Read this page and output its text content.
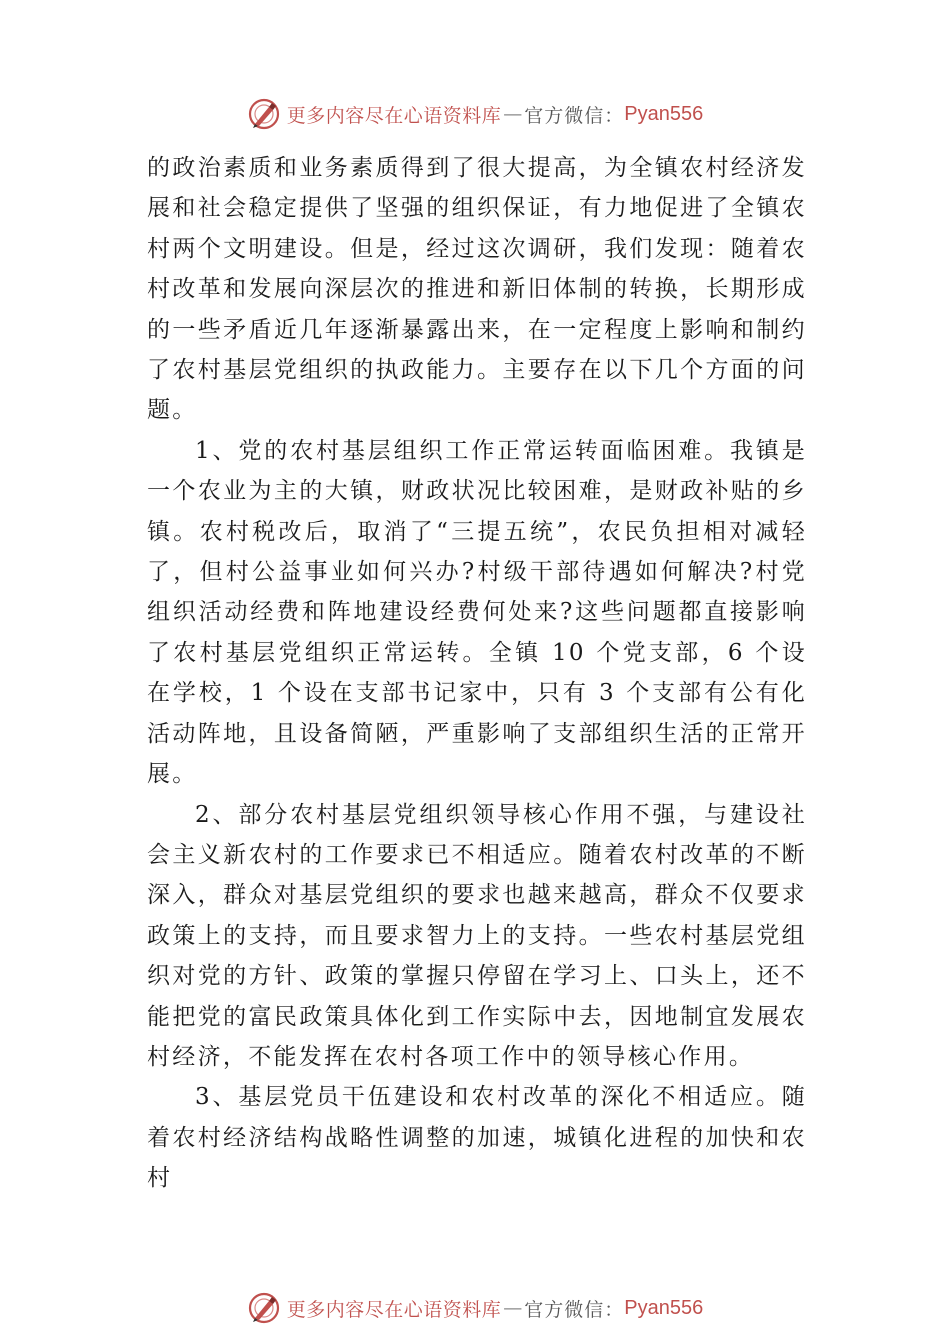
更多内容尽在心语资料库 — 官方微信： Pyan556

的政治素质和业务素质得到了很大提高，为全镇农村经济发展和社会稳定提供了坚强的组织保证，有力地促进了全镇农村两个文明建设。但是，经过这次调研，我们发现：随着农村改革和发展向深层次的推进和新旧体制的转换，长期形成的一些矛盾近几年逐渐暴露出来，在一定程度上影响和制约了农村基层党组织的执政能力。主要存在以下几个方面的问题。

1、党的农村基层组织工作正常运转面临困难。我镇是一个农业为主的大镇，财政状况比较困难，是财政补贴的乡镇。农村税改后，取消了“三提五统”，农民负担相对减轻了，但村公益事业如何兴办?村级干部待遇如何解决?村党组织活动经费和阵地建设经费何处来?这些问题都直接影响了农村基层党组织正常运转。全镇 10 个党支部，6 个设在学校，1 个设在支部书记家中，只有 3 个支部有公有化活动阵地，且设备简陋，严重影响了支部组织生活的正常开展。

2、部分农村基层党组织领导核心作用不强，与建设社会主义新农村的工作要求已不相适应。随着农村改革的不断深入，群众对基层党组织的要求也越来越高，群众不仅要求政策上的支持，而且要求智力上的支持。一些农村基层党组织对党的方针、政策的掌握只停留在学习上、口头上，还不能把党的富民政策具体化到工作实际中去，因地制宜发展农村经济，不能发挥在农村各项工作中的领导核心作用。

3、基层党员干伍建设和农村改革的深化不相适应。随着农村经济结构战略性调整的加速，城镇化进程的加快和农村

更多内容尽在心语资料库 — 官方微信： Pyan556
